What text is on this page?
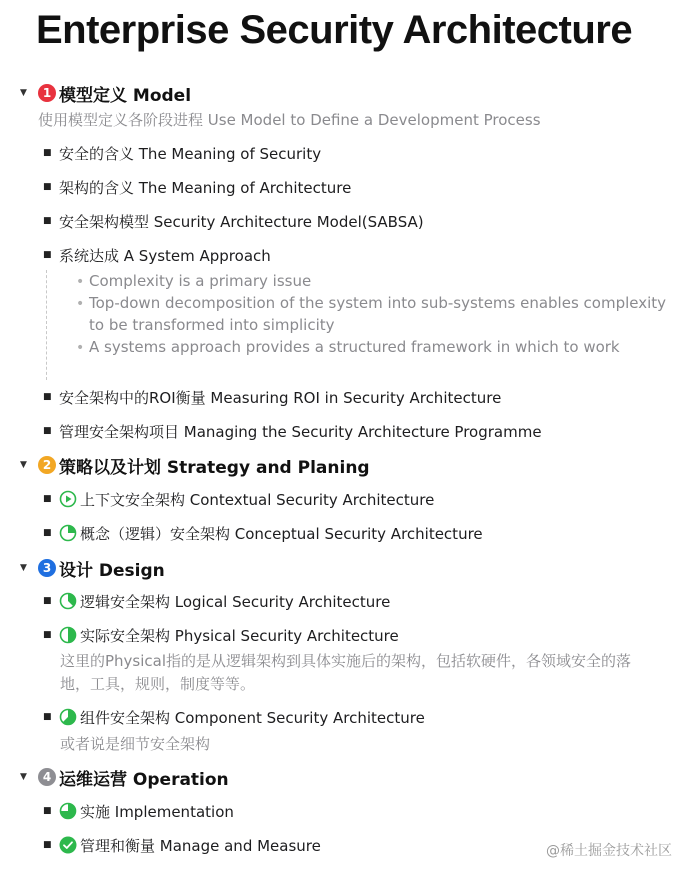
Enterprise Security Architecture
▼	1 模型定义 Model
使用模型定义各阶段进程 Use Model to Define a Development Process
■ 安全的含义 The Meaning of Security
■ 架构的含义 The Meaning of Architecture
■ 安全架构模型 Security Architecture Model(SABSA)
■ 系统达成 A System Approach
• Complexity is a primary issue
• Top-down decomposition of the system into sub-systems enables complexity
to be transformed into simplicity
• A systems approach provides a structured framework in which to work
■ 安全架构中的ROI衡量 Measuring ROI in Security Architecture
■ 管理安全架构项目 Managing the Security Architecture Programme
▼	2 策略以及计划 Strategy and Planing
■	上下文安全架构 Contextual Security Architecture
■	概念（逻辑）安全架构 Conceptual Security Architecture
▼	3 设计 Design
■	逻辑安全架构 Logical Security Architecture
■	实际安全架构 Physical Security Architecture
这里的Physical指的是从逻辑架构到具体实施后的架构，包括软硬件，各领域安全的落
地，工具，规则，制度等等。
■	组件安全架构 Component Security Architecture
或者说是细节安全架构
▼	4 运维运营 Operation
■	实施 Implementation
■	管理和衡量 Manage and Measure	@稀土掘金技术社区
